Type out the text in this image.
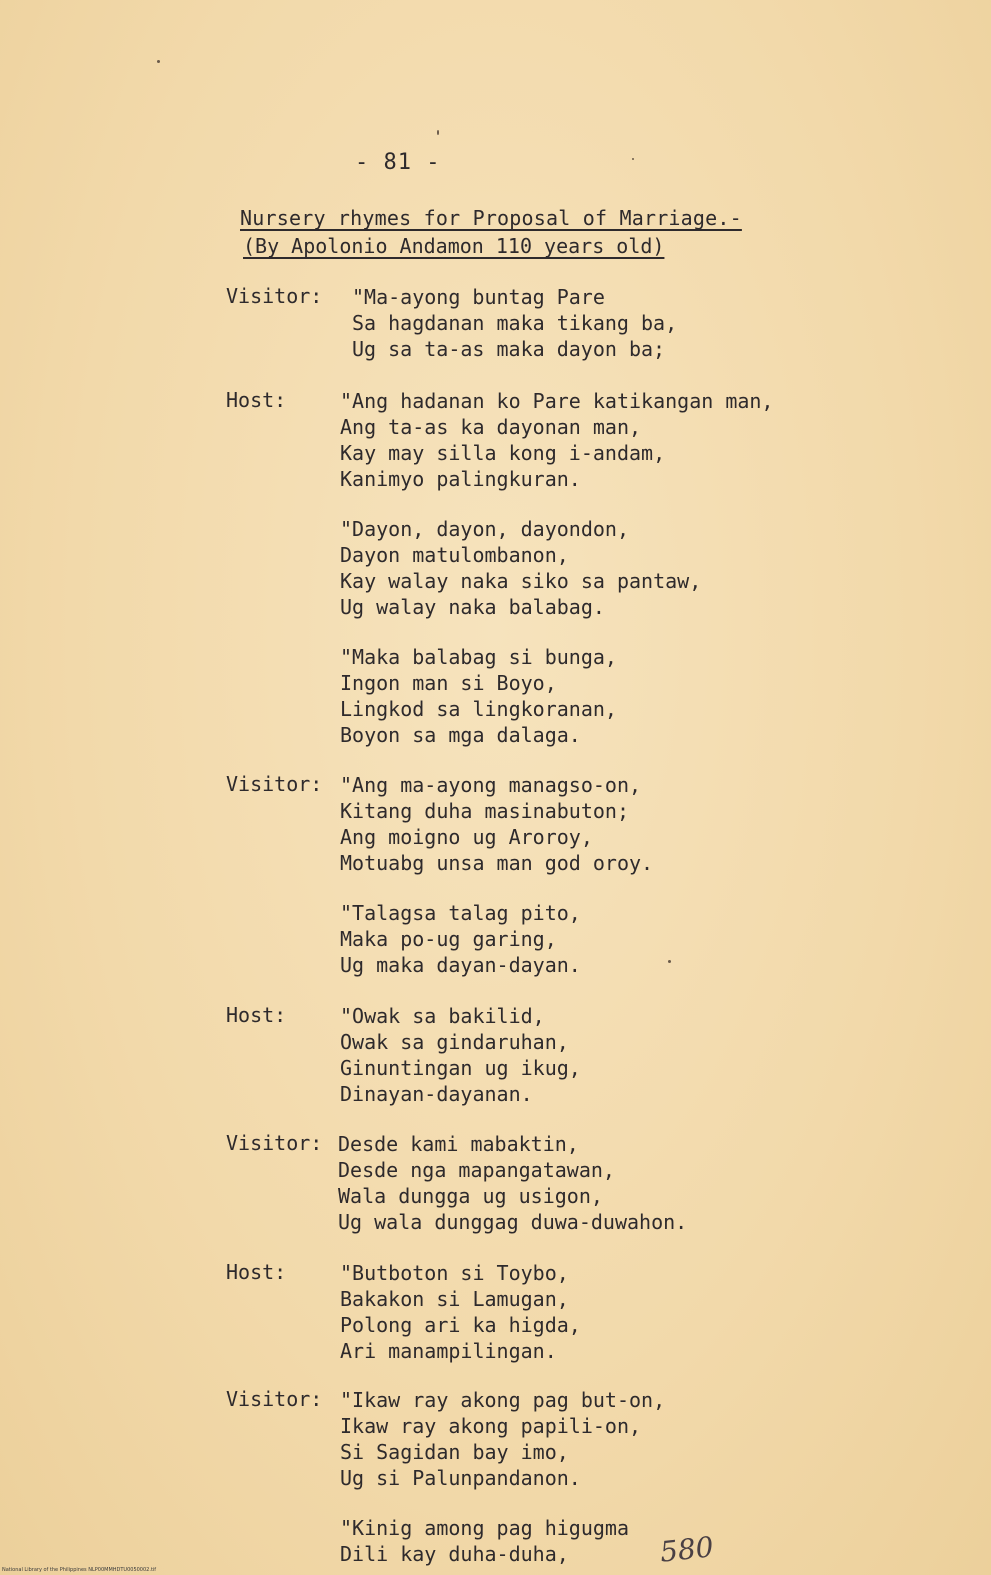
- 81 -
Nursery rhymes for Proposal of Marriage.-
(By Apolonio Andamon 110 years old)
Visitor: "Ma-ayong buntag Pare
Sa hagdanan maka tikang ba,
Ug sa ta-as maka dayon ba;
Host:	"Ang hadanan ko Pare katikangan man,
Ang ta-as ka dayonan man,
Kay may silla kong i-andam,
Kanimyo palingkuran.
"Dayon, dayon, dayondon,
Dayon matulombanon,
Kay walay naka siko sa pantaw,
Ug walay naka balabag.
"Maka balabag si bunga,
Ingon man si Boyo,
Lingkod sa lingkoranan,
Boyon sa mga dalaga.
Visitor: "Ang ma-ayong managso-on,
Kitang duha masinabuton;
Ang moigno ug Aroroy,
Motuabg unsa man god oroy.
"Talagsa talag pito,
Maka po-ug garing,
Ug maka dayan-dayan.
Host:	"Owak sa bakilid,
Owak sa gindaruhan,
Ginuntingan ug ikug,
Dinayan-dayanan.
Visitor: Desde kami mabaktin,
Desde nga mapangatawan,
Wala dungga ug usigon,
Ug wala dunggag duwa-duwahon.
Host:	"Butboton si Toybo,
Bakakon si Lamugan,
Polong ari ka higda,
Ari manampilingan.
Visitor: "Ikaw ray akong pag but-on,
Ikaw ray akong papili-on,
Si Sagidan bay imo,
Ug si Palunpandanon.
"Kinig among pag higugma
Dili kay duha-duha,	580
National Library of the Philippines NLP00MMHDTU0050002.tif
